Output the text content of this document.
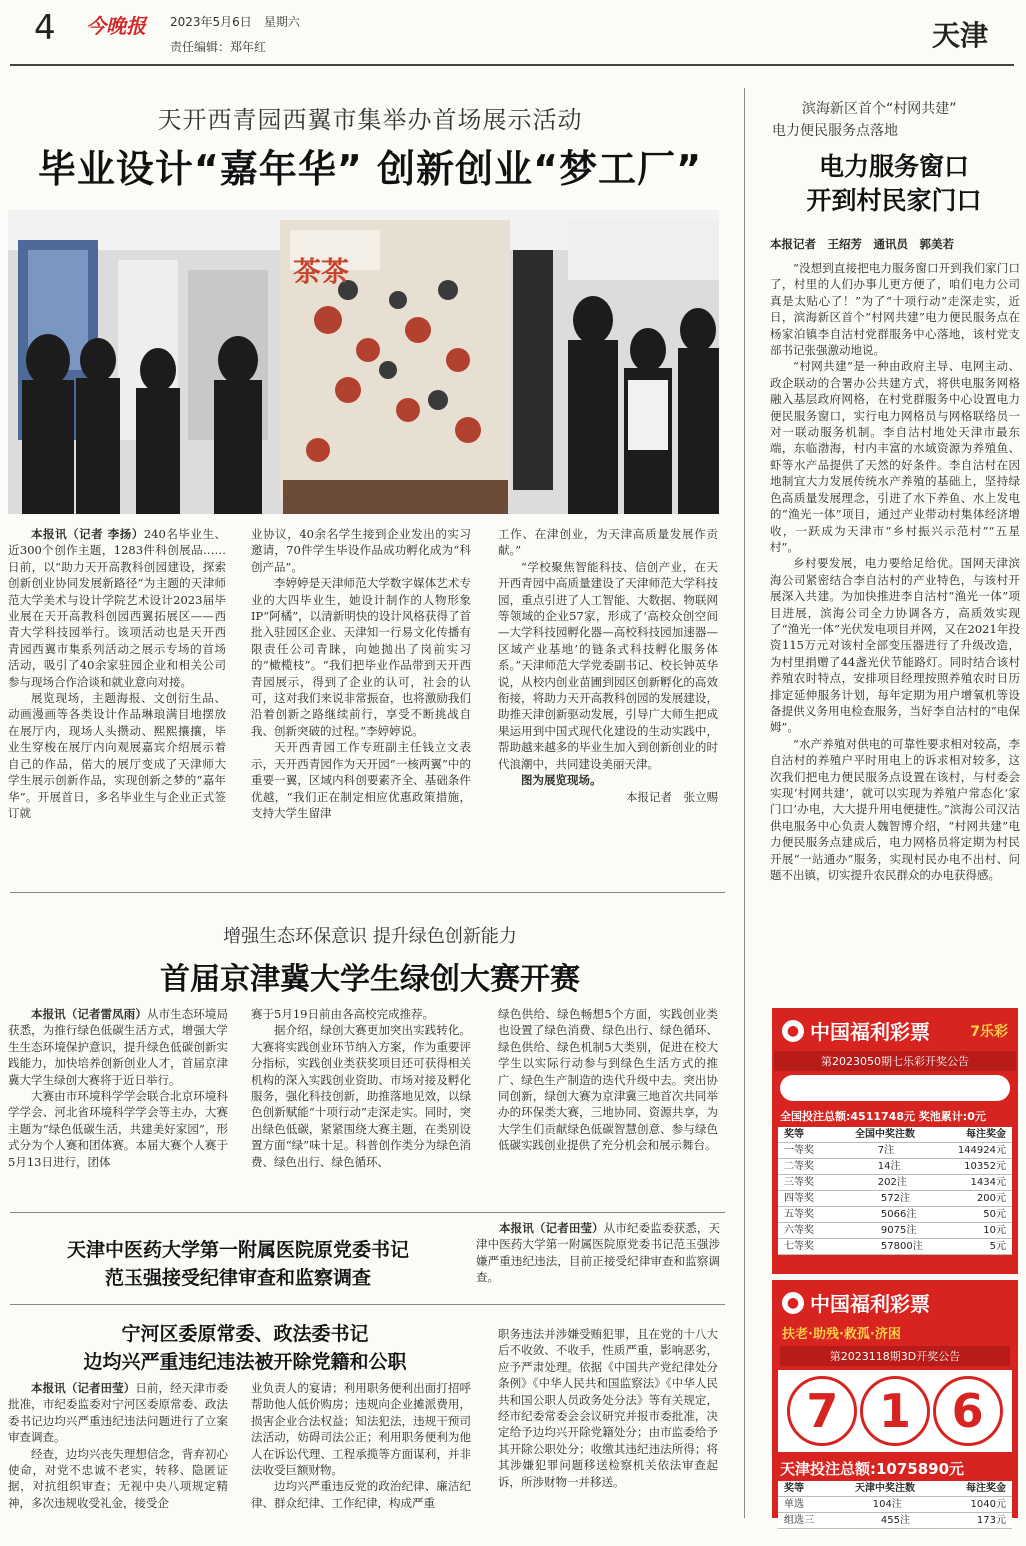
4 今晚报 2023年5月6日　 星期六
责任编辑：郑年红	天津
天开西青园西翼市集举办首场展示活动
毕业设计“嘉年华” 创新创业“梦工厂”
茶茶

本报讯（记者 李扬）240名毕业生、近300个创作主题，1283件科创展品……日前，以“助力天开高教科创园建设，探索创新创业协同发展新路径”为主题的天津师范大学美术与设计学院艺术设计2023届毕业展在天开高教科创园西翼拓展区——西青大学科技园举行。该项活动也是天开西青园西翼市集系列活动之展示专场的首场活动，吸引了40余家驻园企业和相关公司参与现场合作洽谈和就业意向对接。

展览现场，主题海报、文创衍生品、动画漫画等各类设计作品琳琅满目地摆放在展厅内，现场人头攒动、熙熙攘攘，毕业生穿梭在展厅内向观展嘉宾介绍展示着自己的作品，偌大的展厅变成了天津师大学生展示创新作品，实现创新之梦的“嘉年华”。开展首日，多名毕业生与企业正式签订就

业协议，40余名学生接到企业发出的实习邀请，70件学生毕设作品成功孵化成为“科创产品”。

李婷婷是天津师范大学数字媒体艺术专业的大四毕业生，她设计制作的人物形象IP“阿橘”，以清新明快的设计风格获得了首批入驻园区企业、天津知一行易文化传播有限责任公司青睐，向她抛出了岗前实习的“橄榄枝”。“我们把毕业作品带到天开西青园展示，得到了企业的认可，社会的认可，这对我们来说非常振奋，也将激励我们沿着创新之路继续前行，享受不断挑战自我、创新突破的过程。”李婷婷说。

天开西青园工作专班副主任钱立文表示，天开西青园作为天开园“一核两翼”中的重要一翼，区域内科创要素齐全、基础条件优越，“我们正在制定相应优惠政策措施，支持大学生留津

工作、在津创业，为天津高质量发展作贡献。”

“学校聚焦智能科技、信创产业，在天开西青园中高质量建设了天津师范大学科技园，重点引进了人工智能、大数据、物联网等领域的企业57家，形成了‘高校众创空间—大学科技园孵化器—高校科技园加速器—区域产业基地’的链条式科技孵化服务体系。”天津师范大学党委副书记、校长钟英华说，从校内创业苗圃到园区创新孵化的高效衔接，将助力天开高教科创园的发展建设，助推天津创新驱动发展，引导广大师生把成果运用到中国式现代化建设的生动实践中，帮助越来越多的毕业生加入到创新创业的时代浪潮中，共同建设美丽天津。

图为展览现场。

本报记者　张立赐

增强生态环保意识 提升绿色创新能力
首届京津冀大学生绿创大赛开赛

本报讯（记者雷凤雨）从市生态环境局获悉，为推行绿色低碳生活方式，增强大学生生态环境保护意识，提升绿色低碳创新实践能力，加快培养创新创业人才，首届京津冀大学生绿创大赛将于近日举行。

大赛由市环境科学学会联合北京环境科学学会、河北省环境科学学会等主办，大赛主题为“绿色低碳生活，共建美好家园”，形式分为个人赛和团体赛。本届大赛个人赛于5月13日进行，团体

赛于5月19日前由各高校完成推荐。

据介绍，绿创大赛更加突出实践转化。大赛将实践创业环节纳入方案，作为重要评分指标，实践创业类获奖项目还可获得相关机构的深入实践创业资助、市场对接及孵化服务，强化科技创新，助推落地见效，以绿色创新赋能“十项行动”走深走实。同时，突出绿色低碳，紧紧围绕大赛主题，在类别设置方面“绿”味十足。科普创作类分为绿色消费、绿色出行、绿色循环、

绿色供给、绿色畅想5个方面，实践创业类也设置了绿色消费、绿色出行、绿色循环、绿色供给、绿色机制5大类别，促进在校大学生以实际行动参与到绿色生活方式的推广、绿色生产制造的迭代升级中去。突出协同创新，绿创大赛为京津冀三地首次共同举办的环保类大赛，三地协同、资源共享，为大学生们贡献绿色低碳智慧创意、参与绿色低碳实践创业提供了充分机会和展示舞台。

天津中医药大学第一附属医院原党委书记
范玉强接受纪律审查和监察调查

本报讯（记者田莹）从市纪委监委获悉，天津中医药大学第一附属医院原党委书记范玉强涉嫌严重违纪违法，目前正接受纪律审查和监察调查。

宁河区委原常委、政法委书记
边均兴严重违纪违法被开除党籍和公职

本报讯（记者田莹）日前，经天津市委批准，市纪委监委对宁河区委原常委、政法委书记边均兴严重违纪违法问题进行了立案审查调查。

经查，边均兴丧失理想信念，背弃初心使命，对党不忠诚不老实，转移、隐匿证据，对抗组织审查；无视中央八项规定精神，多次违规收受礼金，接受企

业负责人的宴请；利用职务便利出面打招呼帮助他人低价购房；违规向企业摊派费用，损害企业合法权益；知法犯法，违规干预司法活动，妨碍司法公正；利用职务便利为他人在诉讼代理、工程承揽等方面谋利，并非法收受巨额财物。

边均兴严重违反党的政治纪律、廉洁纪律、群众纪律、工作纪律，构成严重

职务违法并涉嫌受贿犯罪，且在党的十八大后不收敛、不收手，性质严重，影响恶劣，应予严肃处理。依据《中国共产党纪律处分条例》《中华人民共和国监察法》《中华人民共和国公职人员政务处分法》等有关规定，经市纪委常委会会议研究并报市委批准，决定给予边均兴开除党籍处分；由市监委给予其开除公职处分；收缴其违纪违法所得；将其涉嫌犯罪问题移送检察机关依法审查起诉，所涉财物一并移送。

滨海新区首个“村网共建”
电力便民服务点落地
电力服务窗口
开到村民家门口
本报记者　王绍芳　通讯员　郭美若

“没想到直接把电力服务窗口开到我们家门口了，村里的人们办事儿更方便了，咱们电力公司真是太贴心了！”为了“十项行动”走深走实，近日，滨海新区首个“村网共建”电力便民服务点在杨家泊镇李自沽村党群服务中心落地，该村党支部书记张强激动地说。

“村网共建”是一种由政府主导、电网主动、政企联动的合署办公共建方式，将供电服务网格融入基层政府网格，在村党群服务中心设置电力便民服务窗口，实行电力网格员与网格联络员一对一联动服务机制。李自沽村地处天津市最东端，东临渤海，村内丰富的水域资源为养殖鱼、虾等水产品提供了天然的好条件。李自沽村在因地制宜大力发展传统水产养殖的基础上，坚持绿色高质量发展理念，引进了水下养鱼、水上发电的“渔光一体”项目，通过产业带动村集体经济增收，一跃成为天津市“乡村振兴示范村”“五星村”。

乡村要发展，电力要给足给优。国网天津滨海公司紧密结合李自沽村的产业特色，与该村开展深入共建。为加快推进李自沽村“渔光一体”项目进展，滨海公司全力协调各方，高质效实现了“渔光一体”光伏发电项目并网，又在2021年投资115万元对该村全部变压器进行了升级改造，为村里捐赠了44盏光伏节能路灯。同时结合该村养殖农时特点，安排项目经理按照养殖农时日历排定延伸服务计划，每年定期为用户增氧机等设备提供义务用电检查服务，当好李自沽村的“电保姆”。

“水产养殖对供电的可靠性要求相对较高，李自沽村的养殖户平时用电上的诉求相对较多，这次我们把电力便民服务点设置在该村，与村委会实现‘村网共建’，就可以实现为养殖户常态化‘家门口’办电，大大提升用电便捷性。”滨海公司汉沽供电服务中心负责人魏智博介绍，“村网共建”电力便民服务点建成后，电力网格员将定期为村民开展“一站通办”服务，实现村民办电不出村、问题不出镇，切实提升农民群众的办电获得感。

● 中国福利彩票	7乐彩
第2023050期七乐彩开奖公告
全国投注总额:4511748元 奖池累计:0元
奖等	全国中奖注数	每注奖金
一等奖	7注	144924元
二等奖	14注	10352元
三等奖	202注	1434元
四等奖	572注	200元
五等奖	5066注	50元
六等奖	9075注	10元
七等奖	57800注	5元
● 中国福利彩票
扶老·助残·救孤·济困
第2023118期3D开奖公告
7 1 6
天津投注总额:1075890元
奖等	天津中奖注数	每注奖金
单选	104注	1040元
组选三	455注	173元
福彩在线 公益同行
